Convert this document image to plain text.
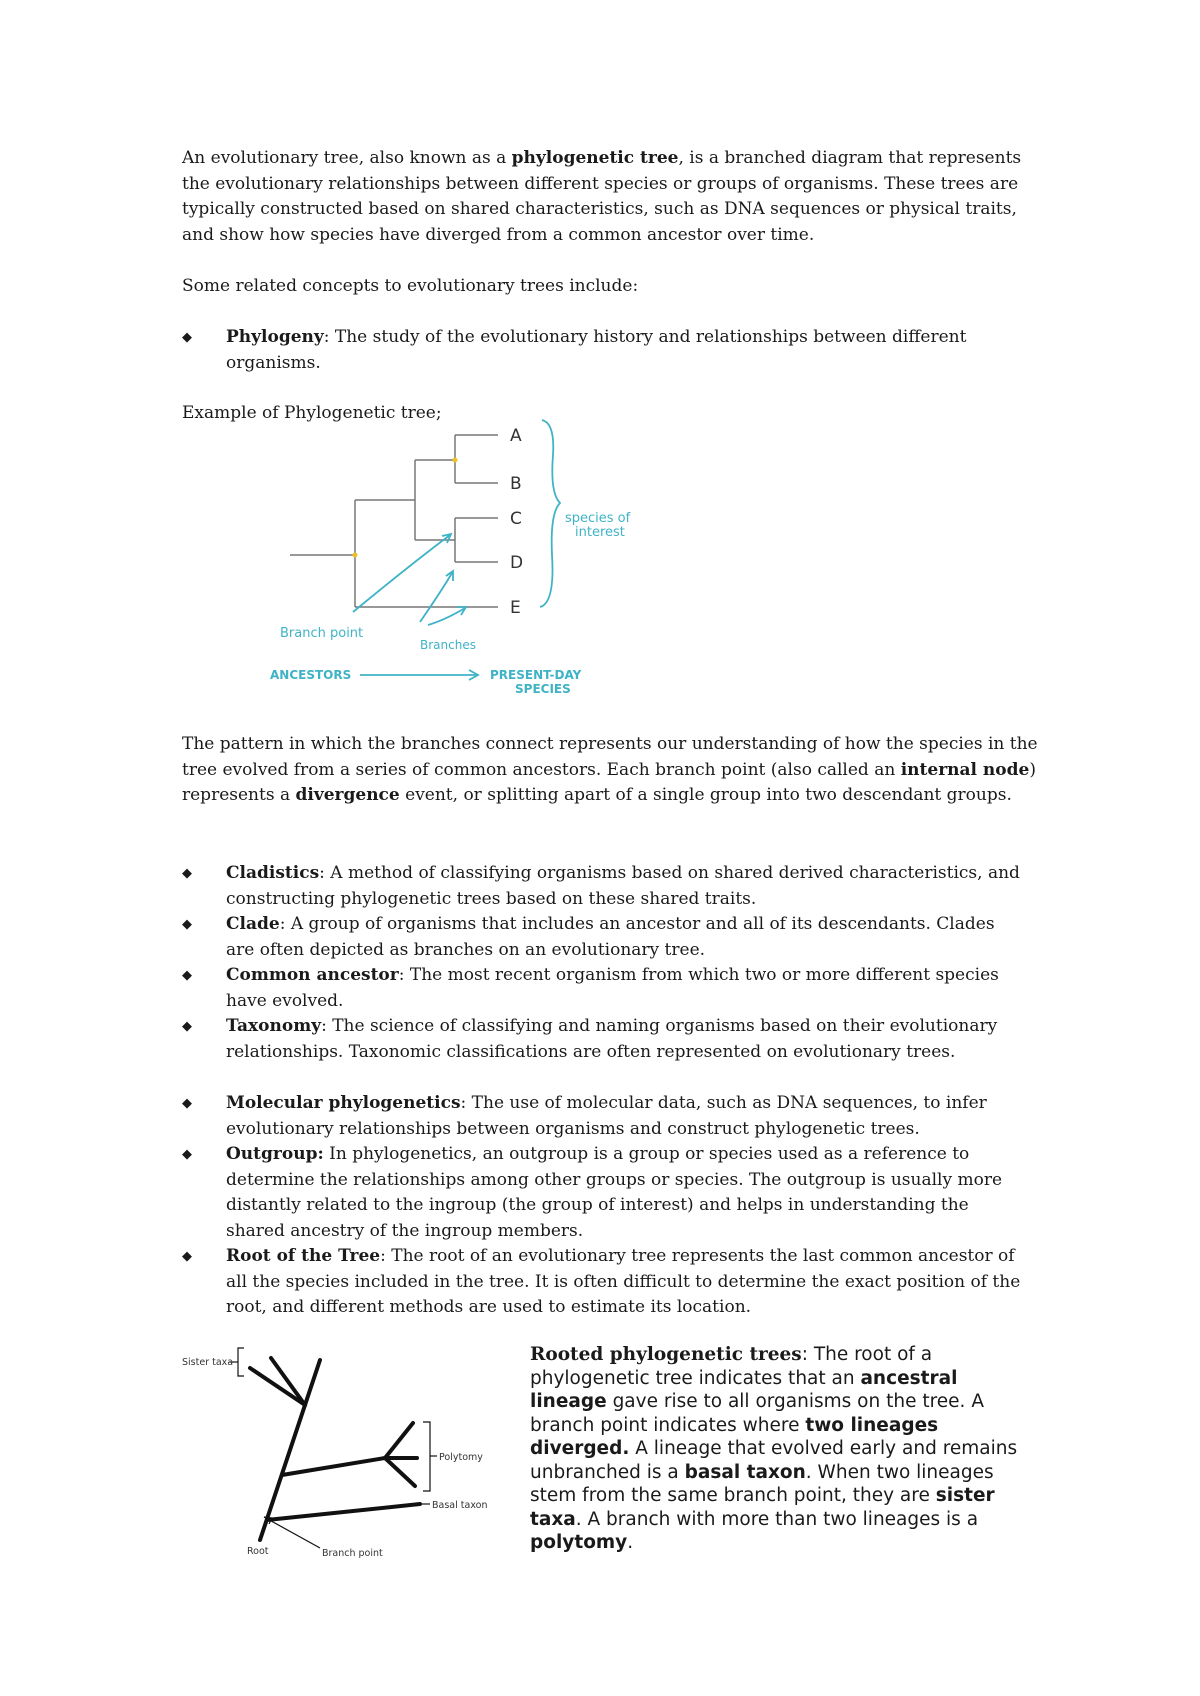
An evolutionary tree, also known as a phylogenetic tree, is a branched diagram that represents the evolutionary relationships between different species or groups of organisms. These trees are typically constructed based on shared characteristics, such as DNA sequences or physical traits, and show how species have diverged from a common ancestor over time.

Some related concepts to evolutionary trees include:

◆	Phylogeny: The study of the evolutionary history and relationships between different organisms.

Example of Phylogenetic tree;

A
B
C
D
E
species of
interest
Branch point
Branches
ANCESTORS	PRESENT-DAY
SPECIES

The pattern in which the branches connect represents our understanding of how the species in the tree evolved from a series of common ancestors. Each branch point (also called an internal node) represents a divergence event, or splitting apart of a single group into two descendant groups.

◆	Cladistics: A method of classifying organisms based on shared derived characteristics, and constructing phylogenetic trees based on these shared traits.
◆	Clade: A group of organisms that includes an ancestor and all of its descendants. Clades are often depicted as branches on an evolutionary tree.
◆	Common ancestor: The most recent organism from which two or more different species have evolved.
◆	Taxonomy: The science of classifying and naming organisms based on their evolutionary relationships. Taxonomic classifications are often represented on evolutionary trees.
◆	Molecular phylogenetics: The use of molecular data, such as DNA sequences, to infer evolutionary relationships between organisms and construct phylogenetic trees.
◆	Outgroup: In phylogenetics, an outgroup is a group or species used as a reference to determine the relationships among other groups or species. The outgroup is usually more distantly related to the ingroup (the group of interest) and helps in understanding the shared ancestry of the ingroup members.
◆	Root of the Tree: The root of an evolutionary tree represents the last common ancestor of all the species included in the tree. It is often difficult to determine the exact position of the root, and different methods are used to estimate its location.
Sister taxa
Polytomy
Basal taxon
Root	Branch point
Rooted phylogenetic trees: The root of a phylogenetic tree indicates that an ancestral lineage gave rise to all organisms on the tree. A branch point indicates where two lineages diverged. A lineage that evolved early and remains unbranched is a basal taxon. When two lineages stem from the same branch point, they are sister taxa. A branch with more than two lineages is a polytomy.
